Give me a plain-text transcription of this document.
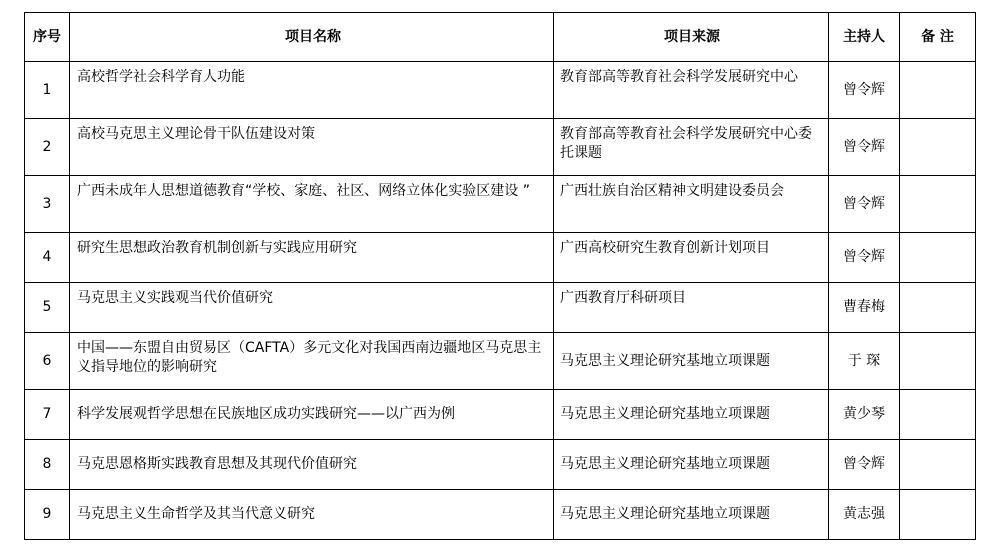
序号	项目名称	项目来源	主持人	备 注
1	高校哲学社会科学育人功能	教育部高等教育社会科学发展研究中心	曾令辉	
2	高校马克思主义理论骨干队伍建设对策	教育部高等教育社会科学发展研究中心委托课题	曾令辉	
3	广西未成年人思想道德教育“学校、家庭、社区、网络立体化实验区建设 ”	广西壮族自治区精神文明建设委员会	曾令辉	
4	研究生思想政治教育机制创新与实践应用研究	广西高校研究生教育创新计划项目	曾令辉	
5	马克思主义实践观当代价值研究	广西教育厅科研项目	曹春梅	
6	中国——东盟自由贸易区（CAFTA）多元文化对我国西南边疆地区马克思主义指导地位的影响研究	马克思主义理论研究基地立项课题	于 琛	
7	科学发展观哲学思想在民族地区成功实践研究——以广西为例	马克思主义理论研究基地立项课题	黄少琴	
8	马克思恩格斯实践教育思想及其现代价值研究	马克思主义理论研究基地立项课题	曾令辉	
9	马克思主义生命哲学及其当代意义研究	马克思主义理论研究基地立项课题	黄志强	
